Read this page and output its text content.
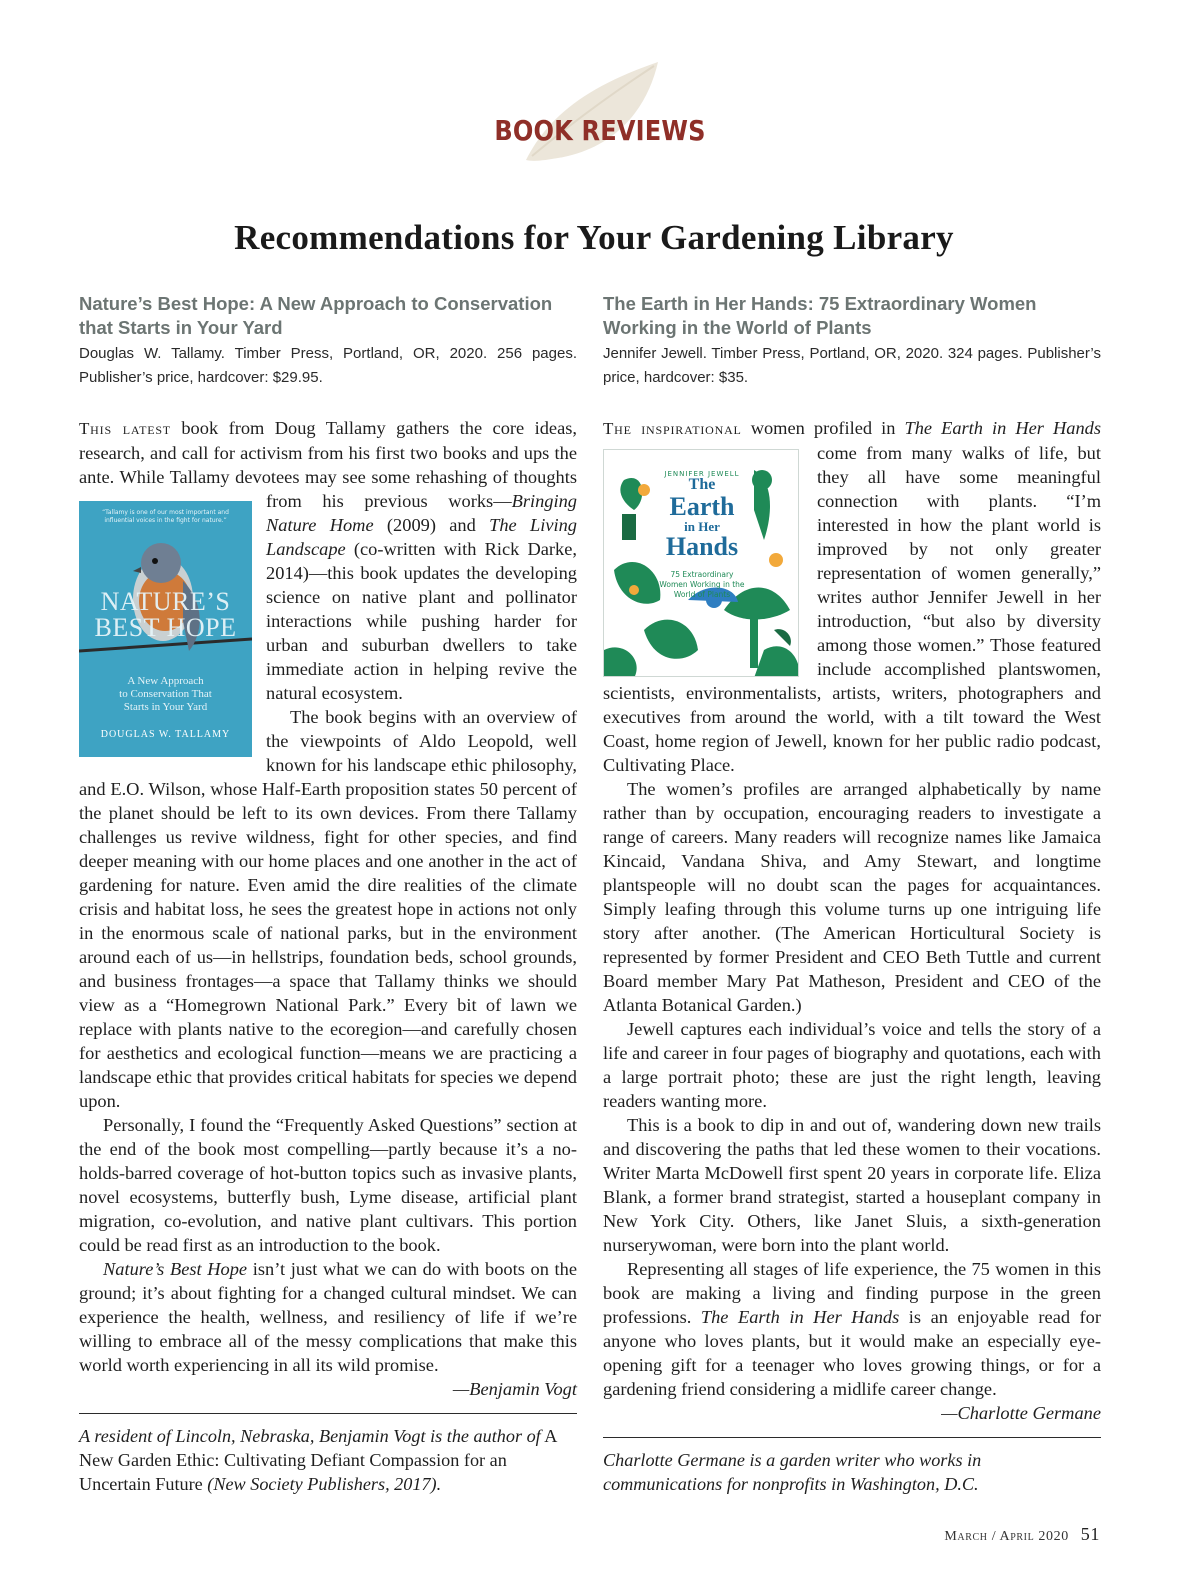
BOOK REVIEWS
Recommendations for Your Gardening Library
Nature’s Best Hope: A New Approach to Conservation that Starts in Your Yard
Douglas W. Tallamy. Timber Press, Portland, OR, 2020. 256 pages. Publisher’s price, hardcover: $29.95.

This latest book from Doug Tallamy gathers the core ideas, research, and call for activism from his first two books and ups the ante. While Tallamy devotees may see some rehashing of thoughts from his previous works—
“Tallamy is one of our most important and influential voices in the fight for nature.”
NATURE’S
BEST HOPE
A New Approach
to Conservation That
Starts in Your Yard
DOUGLAS W. TALLAMY
Bringing Nature Home (2009) and The Living Landscape (co-written with Rick Darke, 2014)—this book updates the developing science on native plant and pollinator interactions while pushing harder for urban and suburban dwellers to take immediate action in helping revive the natural ecosystem.

The book begins with an overview of the viewpoints of Aldo Leopold, well known for his landscape ethic philosophy, and E.O. Wilson, whose Half-Earth proposition states 50 percent of the planet should be left to its own devices. From there Tallamy challenges us revive wildness, fight for other species, and find deeper meaning with our home places and one another in the act of gardening for nature. Even amid the dire realities of the climate crisis and habitat loss, he sees the greatest hope in actions not only in the enormous scale of national parks, but in the environment around each of us—in hellstrips, foundation beds, school grounds, and business frontages—a space that Tallamy thinks we should view as a “Homegrown National Park.” Every bit of lawn we replace with plants native to the ecoregion—and carefully chosen for aesthetics and ecological function—means we are practicing a landscape ethic that provides critical habitats for species we depend upon.

Personally, I found the “Frequently Asked Questions” section at the end of the book most compelling—partly because it’s a no-holds-barred coverage of hot-button topics such as invasive plants, novel ecosystems, butterfly bush, Lyme disease, artificial plant migration, co-evolution, and native plant cultivars. This portion could be read first as an introduction to the book.

Nature’s Best Hope isn’t just what we can do with boots on the ground; it’s about fighting for a changed cultural mindset. We can experience the health, wellness, and resiliency of life if we’re willing to embrace all of the messy complications that make this world worth experiencing in all its wild promise.

—Benjamin Vogt
A resident of Lincoln, Nebraska, Benjamin Vogt is the author of A New Garden Ethic: Cultivating Defiant Compassion for an Uncertain Future (New Society Publishers, 2017).
The Earth in Her Hands: 75 Extraordinary Women Working in the World of Plants
Jennifer Jewell. Timber Press, Portland, OR, 2020. 324 pages. Publisher’s price, hardcover: $35.

The inspirational women profiled in The Earth in Her Hands
JENNIFER JEWELL
The
Earth
in Her
Hands
75 Extraordinary
Women Working in the
World of Plants
come from many walks of life, but they all have some meaningful connection with plants. “I’m interested in how the plant world is improved by not only greater representation of women generally,” writes author Jennifer Jewell in her introduction, “but also by diversity among those women.” Those featured include accomplished plantswomen, scientists, environmentalists, artists, writers, photographers and executives from around the world, with a tilt toward the West Coast, home region of Jewell, known for her public radio podcast, Cultivating Place.

The women’s profiles are arranged alphabetically by name rather than by occupation, encouraging readers to investigate a range of careers. Many readers will recognize names like Jamaica Kincaid, Vandana Shiva, and Amy Stewart, and longtime plantspeople will no doubt scan the pages for acquaintances. Simply leafing through this volume turns up one intriguing life story after another. (The American Horticultural Society is represented by former President and CEO Beth Tuttle and current Board member Mary Pat Matheson, President and CEO of the Atlanta Botanical Garden.)

Jewell captures each individual’s voice and tells the story of a life and career in four pages of biography and quotations, each with a large portrait photo; these are just the right length, leaving readers wanting more.

This is a book to dip in and out of, wandering down new trails and discovering the paths that led these women to their vocations. Writer Marta McDowell first spent 20 years in corporate life. Eliza Blank, a former brand strategist, started a houseplant company in New York City. Others, like Janet Sluis, a sixth-generation nurserywoman, were born into the plant world.

Representing all stages of life experience, the 75 women in this book are making a living and finding purpose in the green professions. The Earth in Her Hands is an enjoyable read for anyone who loves plants, but it would make an especially eye-opening gift for a teenager who loves growing things, or for a gardening friend considering a midlife career change.

—Charlotte Germane
Charlotte Germane is a garden writer who works in communications for nonprofits in Washington, D.C.
March / April 2020 51
